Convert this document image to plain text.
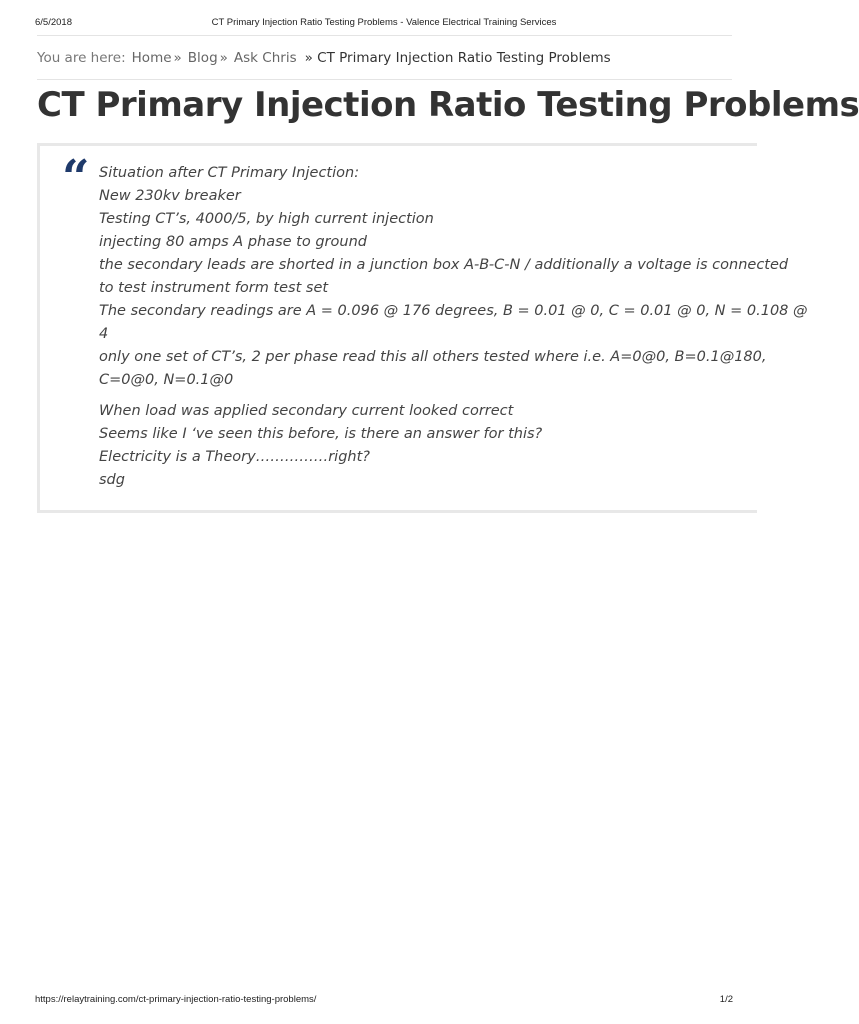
6/5/2018	CT Primary Injection Ratio Testing Problems - Valence Electrical Training Services
You are here: Home » Blog » Ask Chris » CT Primary Injection Ratio Testing Problems
CT Primary Injection Ratio Testing Problems
“ Situation after CT Primary Injection:
New 230kv breaker
Testing CT’s, 4000/5, by high current injection
injecting 80 amps A phase to ground
the secondary leads are shorted in a junction box A-B-C-N / additionally a voltage is connected
to test instrument form test set
The secondary readings are A = 0.096 @ 176 degrees, B = 0.01 @ 0, C = 0.01 @ 0, N = 0.108 @
4
only one set of CT’s, 2 per phase read this all others tested where i.e. A=0@0, B=0.1@180,
C=0@0, N=0.1@0

When load was applied secondary current looked correct
Seems like I ‘ve seen this before, is there an answer for this?
Electricity is a Theory……………right?
sdg

https://relaytraining.com/ct-primary-injection-ratio-testing-problems/	1/2
